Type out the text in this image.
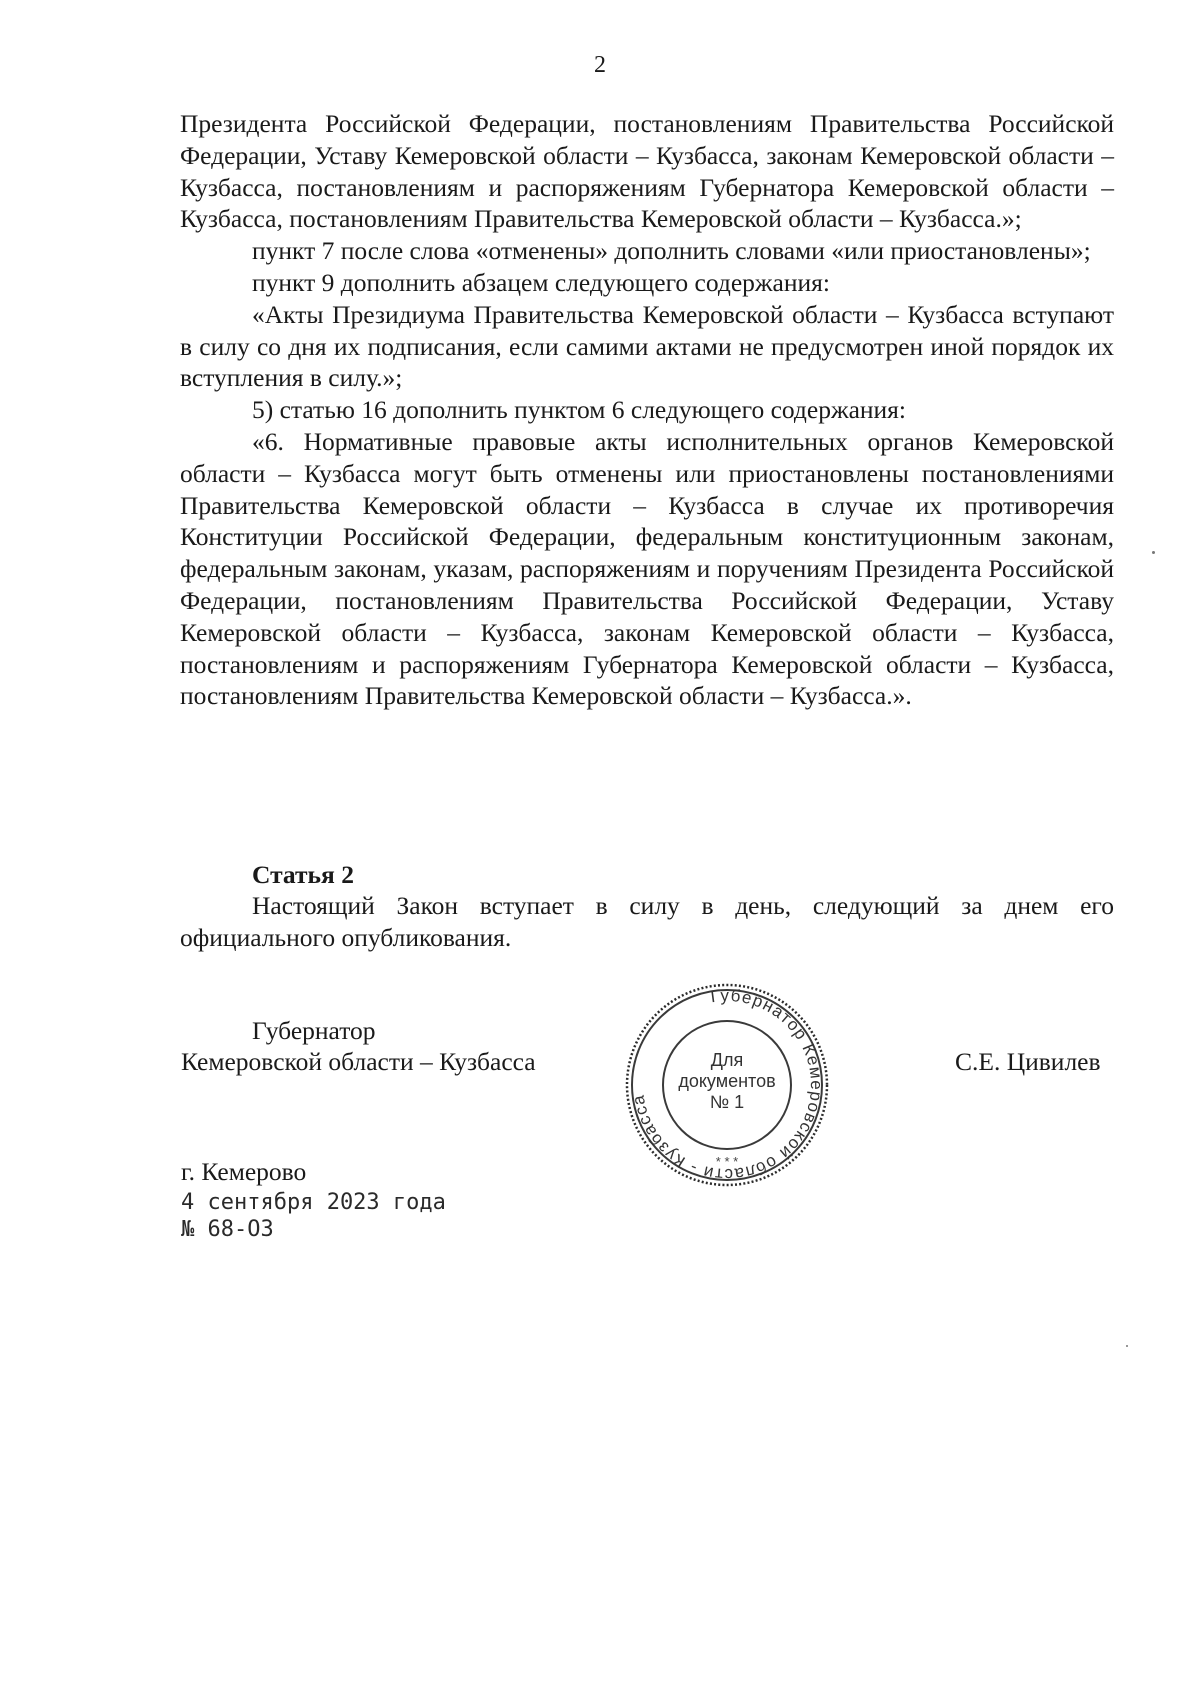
2

Президента Российской Федерации, постановлениям Правительства Российской Федерации, Уставу Кемеровской области – Кузбасса, законам Кемеровской области – Кузбасса, постановлениям и распоряжениям Губернатора Кемеровской области – Кузбасса, постановлениям Правительства Кемеровской области – Кузбасса.»;

пункт 7 после слова «отменены» дополнить словами «или приостановлены»;

пункт 9 дополнить абзацем следующего содержания:

«Акты Президиума Правительства Кемеровской области – Кузбасса вступают в силу со дня их подписания, если самими актами не предусмотрен иной порядок их вступления в силу.»;

5) статью 16 дополнить пунктом 6 следующего содержания:

«6. Нормативные правовые акты исполнительных органов Кемеровской области – Кузбасса могут быть отменены или приостановлены постановлениями Правительства Кемеровской области – Кузбасса в случае их противоречия Конституции Российской Федерации, федеральным конституционным законам, федеральным законам, указам, распоряжениям и поручениям Президента Российской Федерации, постановлениям Правительства Российской Федерации, Уставу Кемеровской области – Кузбасса, законам Кемеровской области – Кузбасса, постановлениям и распоряжениям Губернатора Кемеровской области – Кузбасса, постановлениям Правительства Кемеровской области – Кузбасса.».

Статья 2

Настоящий Закон вступает в силу в день, следующий за днем его официального опубликования.

Губернатор
Кемеровской области – Кузбасса	С.Е. Цивилев
Губернатор Кемеровской области - Кузбасса
* * *
Для
документов
№ 1
г. Кемерово
4 сентября 2023 года
№ 68-ОЗ
